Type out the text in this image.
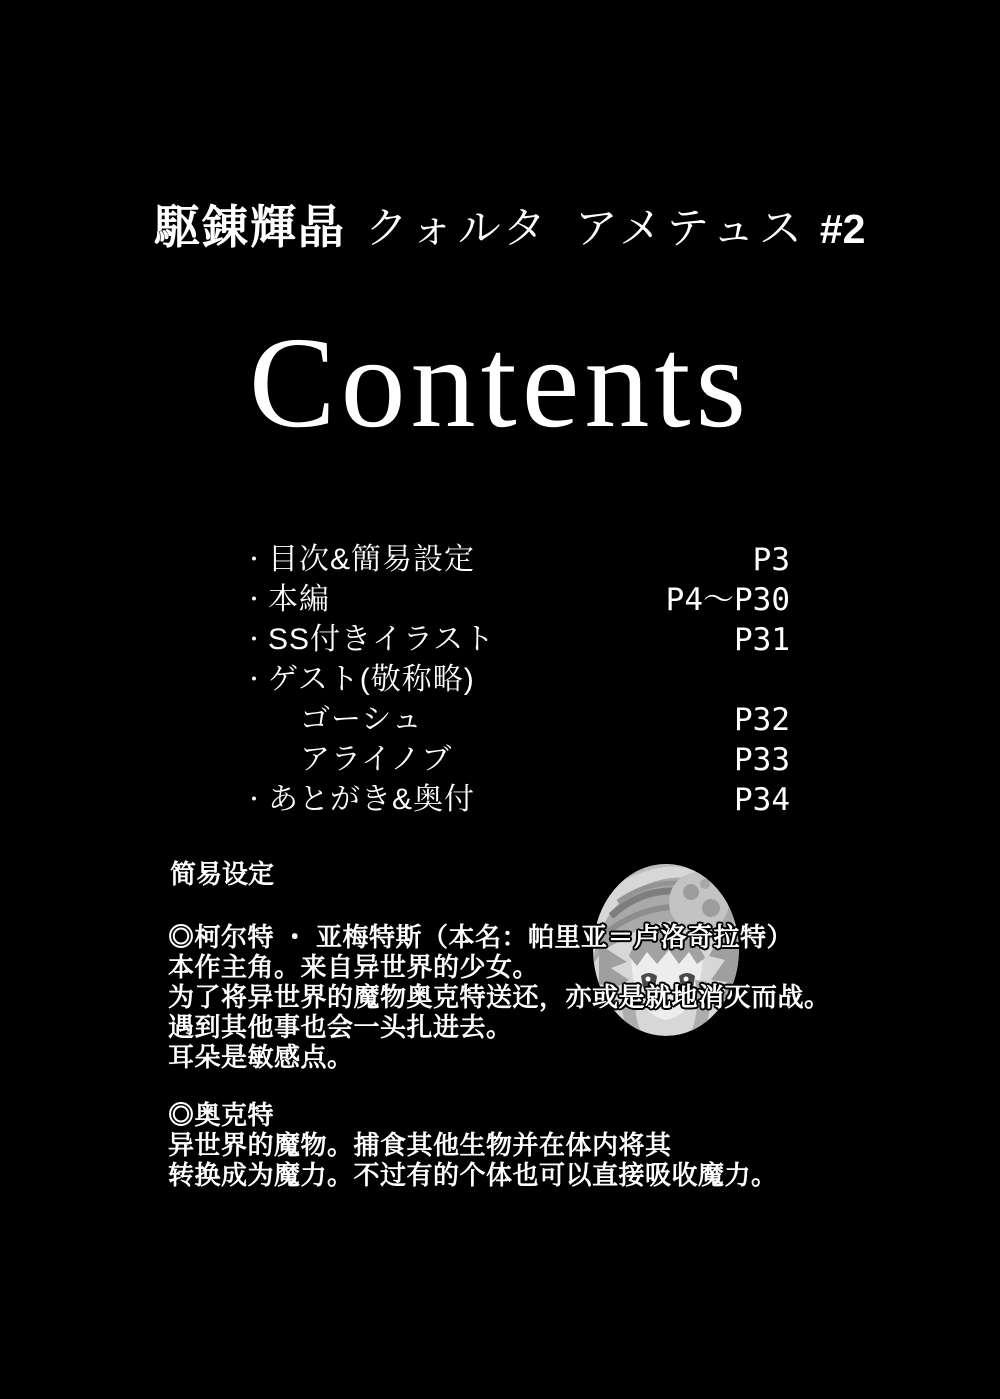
駆錬輝晶 クォルタ アメテュス #2
Contents
・ 目次&簡易設定	P3
・ 本編	P4～P30
・ SS付きイラスト	P31
・ ゲスト(敬称略)
ゴーシュ	P32
アライノブ	P33
・ あとがき&奥付	P34
简易设定
◎柯尔特 ・ 亚梅特斯（本名：帕里亚＝卢洛奇拉特）
本作主角。来自异世界的少女。
为了将异世界的魔物奥克特送还，亦或是就地消灭而战。
遇到其他事也会一头扎进去。
耳朵是敏感点。
◎奥克特
异世界的魔物。捕食其他生物并在体内将其
转换成为魔力。不过有的个体也可以直接吸收魔力。
